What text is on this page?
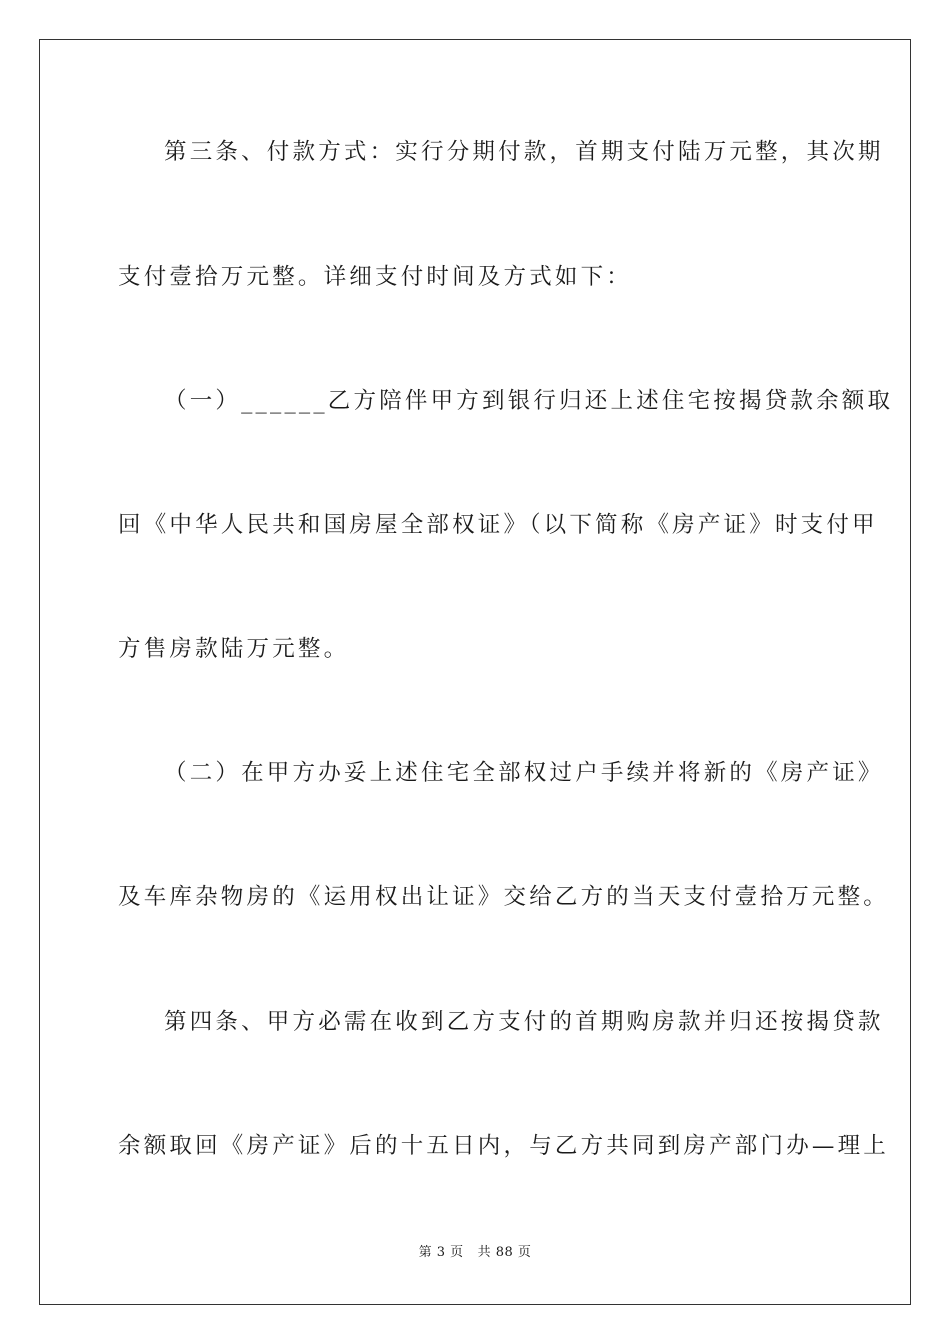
第三条、付款方式：实行分期付款，首期支付陆万元整，其次期
支付壹拾万元整。详细支付时间及方式如下：
（一）______乙方陪伴甲方到银行归还上述住宅按揭贷款余额取
回《中华人民共和国房屋全部权证》（以下简称《房产证》时支付甲
方售房款陆万元整。
（二）在甲方办妥上述住宅全部权过户手续并将新的《房产证》
及车库杂物房的《运用权出让证》交给乙方的当天支付壹拾万元整。
第四条、甲方必需在收到乙方支付的首期购房款并归还按揭贷款
余额取回《房产证》后的十五日内，与乙方共同到房产部门办—理上
第 3 页 共 88 页
